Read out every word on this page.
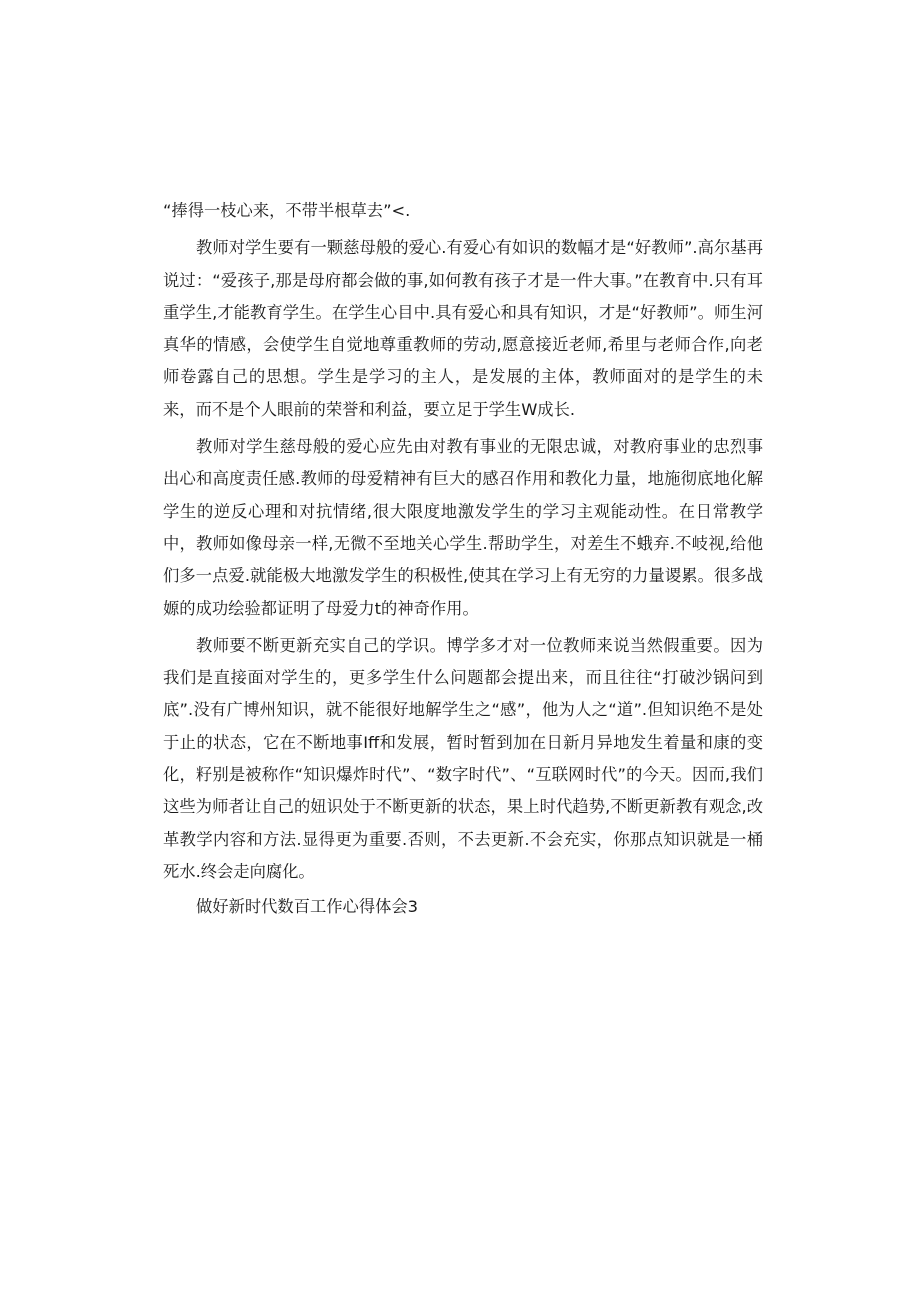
“捧得一枝心来，不带半根草去”<.

教师对学生要有一颗慈母般的爱心.有爱心有如识的数幅才是“好教师”.高尔基再说过：“爱孩子,那是母府都会做的事,如何教有孩子才是一件大事。”在教育中.只有耳重学生,才能教育学生。在学生心目中.具有爱心和具有知识，才是“好教师”。师生河真华的情感，会使学生自觉地尊重教师的劳动,愿意接近老师,希里与老师合作,向老师卷露自己的思想。学生是学习的主人，是发展的主体，教师面对的是学生的未来，而不是个人眼前的荣誉和利益，要立足于学生W成长.

教师对学生慈母般的爱心应先由对教有事业的无限忠诚，对教府事业的忠烈事出心和高度责任感.教师的母爱精神有巨大的感召作用和教化力量，地施彻底地化解学生的逆反心理和对抗情绪,很大限度地激发学生的学习主观能动性。在日常教学中，教师如像母亲一样,无微不至地关心学生.帮助学生，对差生不蛾弃.不岐视,给他们多一点爱.就能极大地激发学生的积极性,使其在学习上有无穷的力量谡累。很多战嫄的成功绘验都证明了母爱力t的神奇作用。

教师要不断更新充实自己的学识。博学多才对一位教师来说当然假重要。因为我们是直接面对学生的，更多学生什么问题都会提出来，而且往往“打破沙锅问到底”.没有广博州知识，就不能很好地解学生之“感”，他为人之“道”.但知识绝不是处于止的状态，它在不断地事Iff和发展，暂时暂到加在日新月异地发生着量和康的变化，籽别是被称作“知识爆炸时代”、“数字时代”、“互联网时代”的今天。因而,我们这些为师者让自己的妞识处于不断更新的状态，果上时代趋势,不断更新教有观念,改革教学内容和方法.显得更为重要.否则，不去更新.不会充实，你那点知识就是一桶死水.终会走向腐化。

做好新时代数百工作心得体会3
